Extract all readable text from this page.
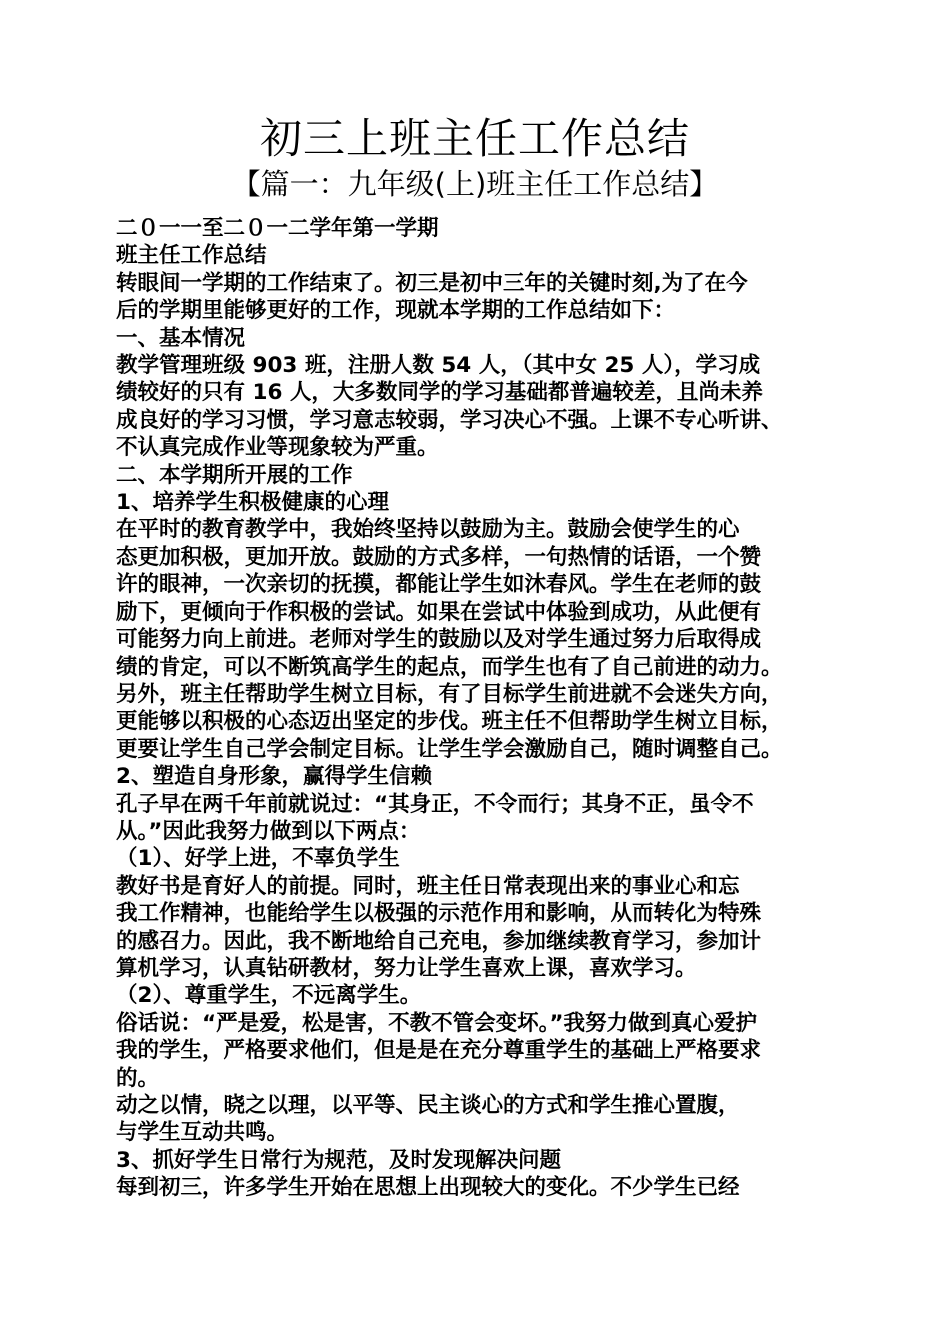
初三上班主任工作总结
【篇一：九年级(上)班主任工作总结】

二０一一至二０一二学年第一学期

班主任工作总结

转眼间一学期的工作结束了。初三是初中三年的关键时刻,为了在今

后的学期里能够更好的工作，现就本学期的工作总结如下：

一、基本情况

教学管理班级 903 班，注册人数 54 人，（其中女 25 人），学习成

绩较好的只有 16 人，大多数同学的学习基础都普遍较差，且尚未养

成良好的学习习惯，学习意志较弱，学习决心不强。上课不专心听讲、

不认真完成作业等现象较为严重。

二、本学期所开展的工作

1、培养学生积极健康的心理

在平时的教育教学中，我始终坚持以鼓励为主。鼓励会使学生的心

态更加积极，更加开放。鼓励的方式多样，一句热情的话语，一个赞

许的眼神，一次亲切的抚摸，都能让学生如沐春风。学生在老师的鼓

励下，更倾向于作积极的尝试。如果在尝试中体验到成功，从此便有

可能努力向上前进。老师对学生的鼓励以及对学生通过努力后取得成

绩的肯定，可以不断筑高学生的起点，而学生也有了自己前进的动力。

另外，班主任帮助学生树立目标，有了目标学生前进就不会迷失方向，

更能够以积极的心态迈出坚定的步伐。班主任不但帮助学生树立目标，

更要让学生自己学会制定目标。让学生学会激励自己，随时调整自己。

2、塑造自身形象，赢得学生信赖

孔子早在两千年前就说过：“其身正，不令而行；其身不正，虽令不

从。”因此我努力做到以下两点：

（1）、好学上进，不辜负学生

教好书是育好人的前提。同时，班主任日常表现出来的事业心和忘

我工作精神，也能给学生以极强的示范作用和影响，从而转化为特殊

的感召力。因此，我不断地给自己充电，参加继续教育学习，参加计

算机学习，认真钻研教材，努力让学生喜欢上课，喜欢学习。

（2）、尊重学生，不远离学生。

俗话说：“严是爱，松是害，不教不管会变坏。”我努力做到真心爱护

我的学生，严格要求他们，但是是在充分尊重学生的基础上严格要求

的。

动之以情，晓之以理，以平等、民主谈心的方式和学生推心置腹，

与学生互动共鸣。

3、抓好学生日常行为规范，及时发现解决问题

每到初三，许多学生开始在思想上出现较大的变化。不少学生已经
